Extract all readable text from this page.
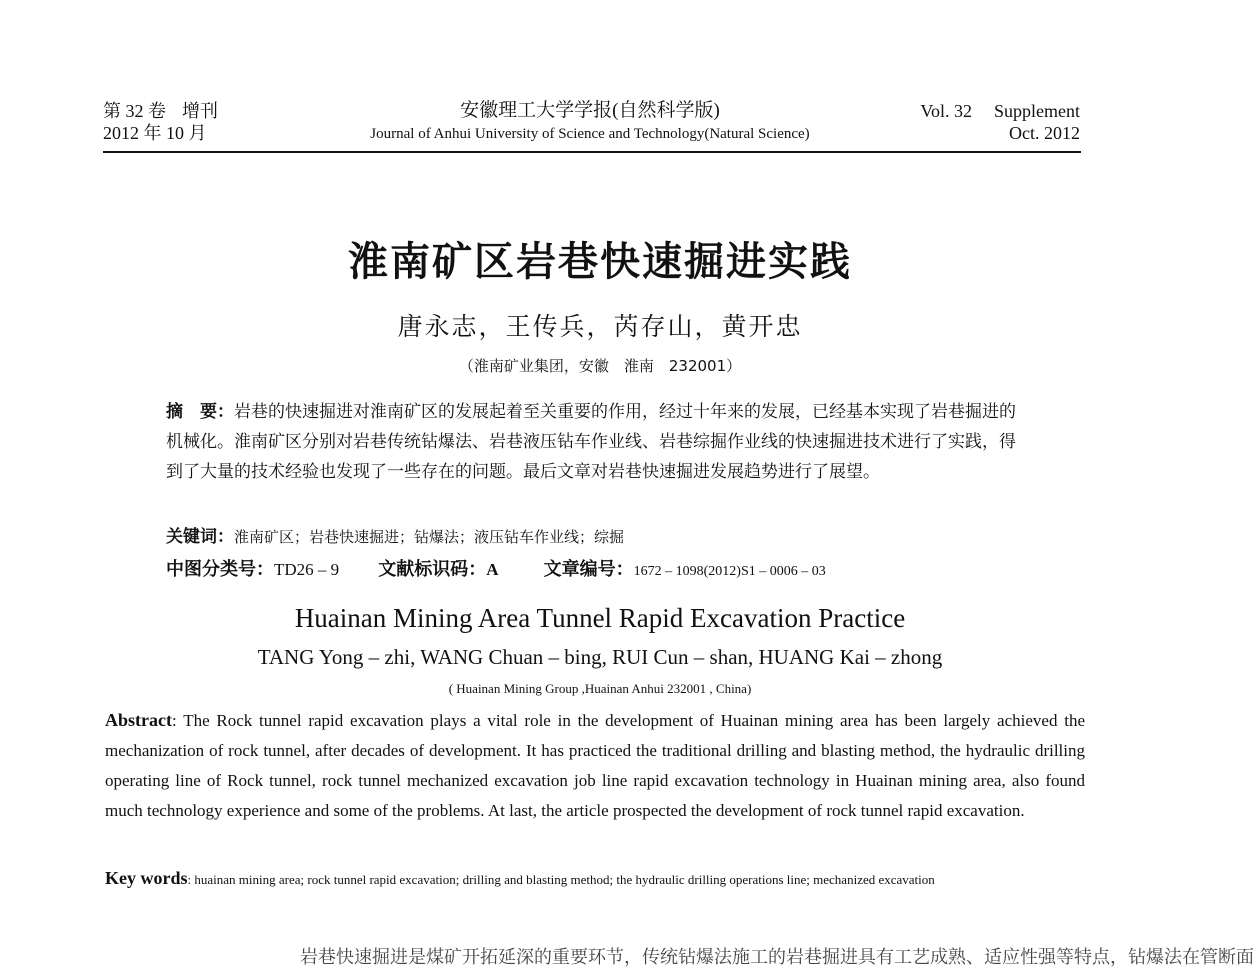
第 32 卷 增刊
2012 年 10 月
安徽理工大学学报(自然科学版)
Journal of Anhui University of Science and Technology(Natural Science)
Vol. 32 Supplement
Oct. 2012
淮南矿区岩巷快速掘进实践
唐永志，王传兵，芮存山，黄开忠
（淮南矿业集团，安徽　淮南　232001）
摘　要：岩巷的快速掘进对淮南矿区的发展起着至关重要的作用，经过十年来的发展，已经基本实现了岩巷掘进的机械化。淮南矿区分别对岩巷传统钻爆法、岩巷液压钻车作业线、岩巷综掘作业线的快速掘进技术进行了实践，得到了大量的技术经验也发现了一些存在的问题。最后文章对岩巷快速掘进发展趋势进行了展望。
关键词：淮南矿区；岩巷快速掘进；钻爆法；液压钻车作业线；综掘
中图分类号：TD26 – 9 文献标识码：A	文章编号：1672 – 1098(2012)S1 – 0006 – 03
Huainan Mining Area Tunnel Rapid Excavation Practice
TANG Yong – zhi, WANG Chuan – bing, RUI Cun – shan, HUANG Kai – zhong
( Huainan Mining Group ,Huainan Anhui 232001 , China)
Abstract: The Rock tunnel rapid excavation plays a vital role in the development of Huainan mining area has been largely achieved the mechanization of rock tunnel, after decades of development. It has practiced the traditional drilling and blasting method, the hydraulic drilling operating line of Rock tunnel, rock tunnel mechanized excavation job line rapid excavation technology in Huainan mining area, also found much technology experience and some of the problems. At last, the article prospected the development of rock tunnel rapid excavation.
Key words: huainan mining area; rock tunnel rapid excavation; drilling and blasting method; the hydraulic drilling operations line; mechanized excavation
岩巷快速掘进是煤矿开拓延深的重要环节，传统钻爆法施工的岩巷掘进具有工艺成熟、适应性强等特点，钻爆法在管断面
